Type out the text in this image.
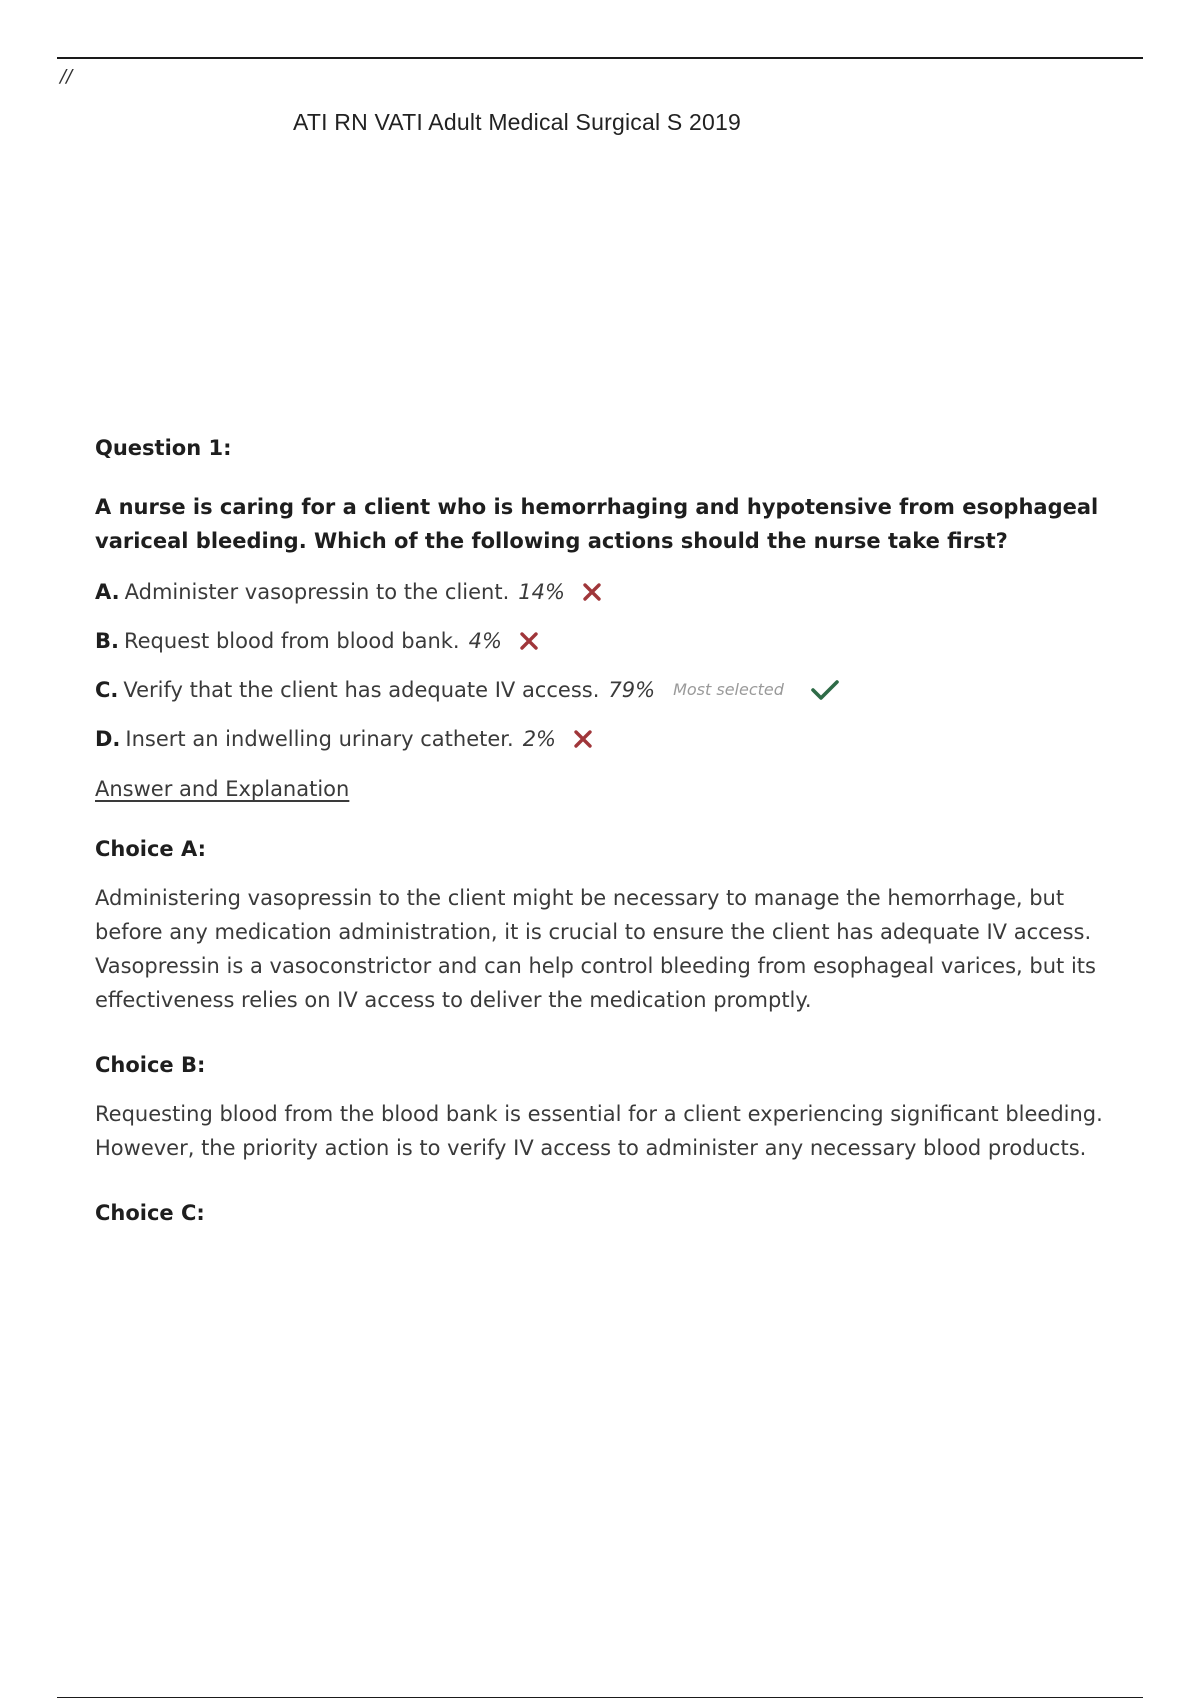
//
ATI RN VATI Adult Medical Surgical S 2019
Question 1:
A nurse is caring for a client who is hemorrhaging and hypotensive from esophageal variceal bleeding. Which of the following actions should the nurse take first?
A. Administer vasopressin to the client. 14%
B. Request blood from blood bank. 4%
C. Verify that the client has adequate IV access. 79% Most selected
D. Insert an indwelling urinary catheter. 2%
Answer and Explanation
Choice A:
Administering vasopressin to the client might be necessary to manage the hemorrhage, but before any medication administration, it is crucial to ensure the client has adequate IV access. Vasopressin is a vasoconstrictor and can help control bleeding from esophageal varices, but its effectiveness relies on IV access to deliver the medication promptly.
Choice B:
Requesting blood from the blood bank is essential for a client experiencing significant bleeding. However, the priority action is to verify IV access to administer any necessary blood products.
Choice C:
